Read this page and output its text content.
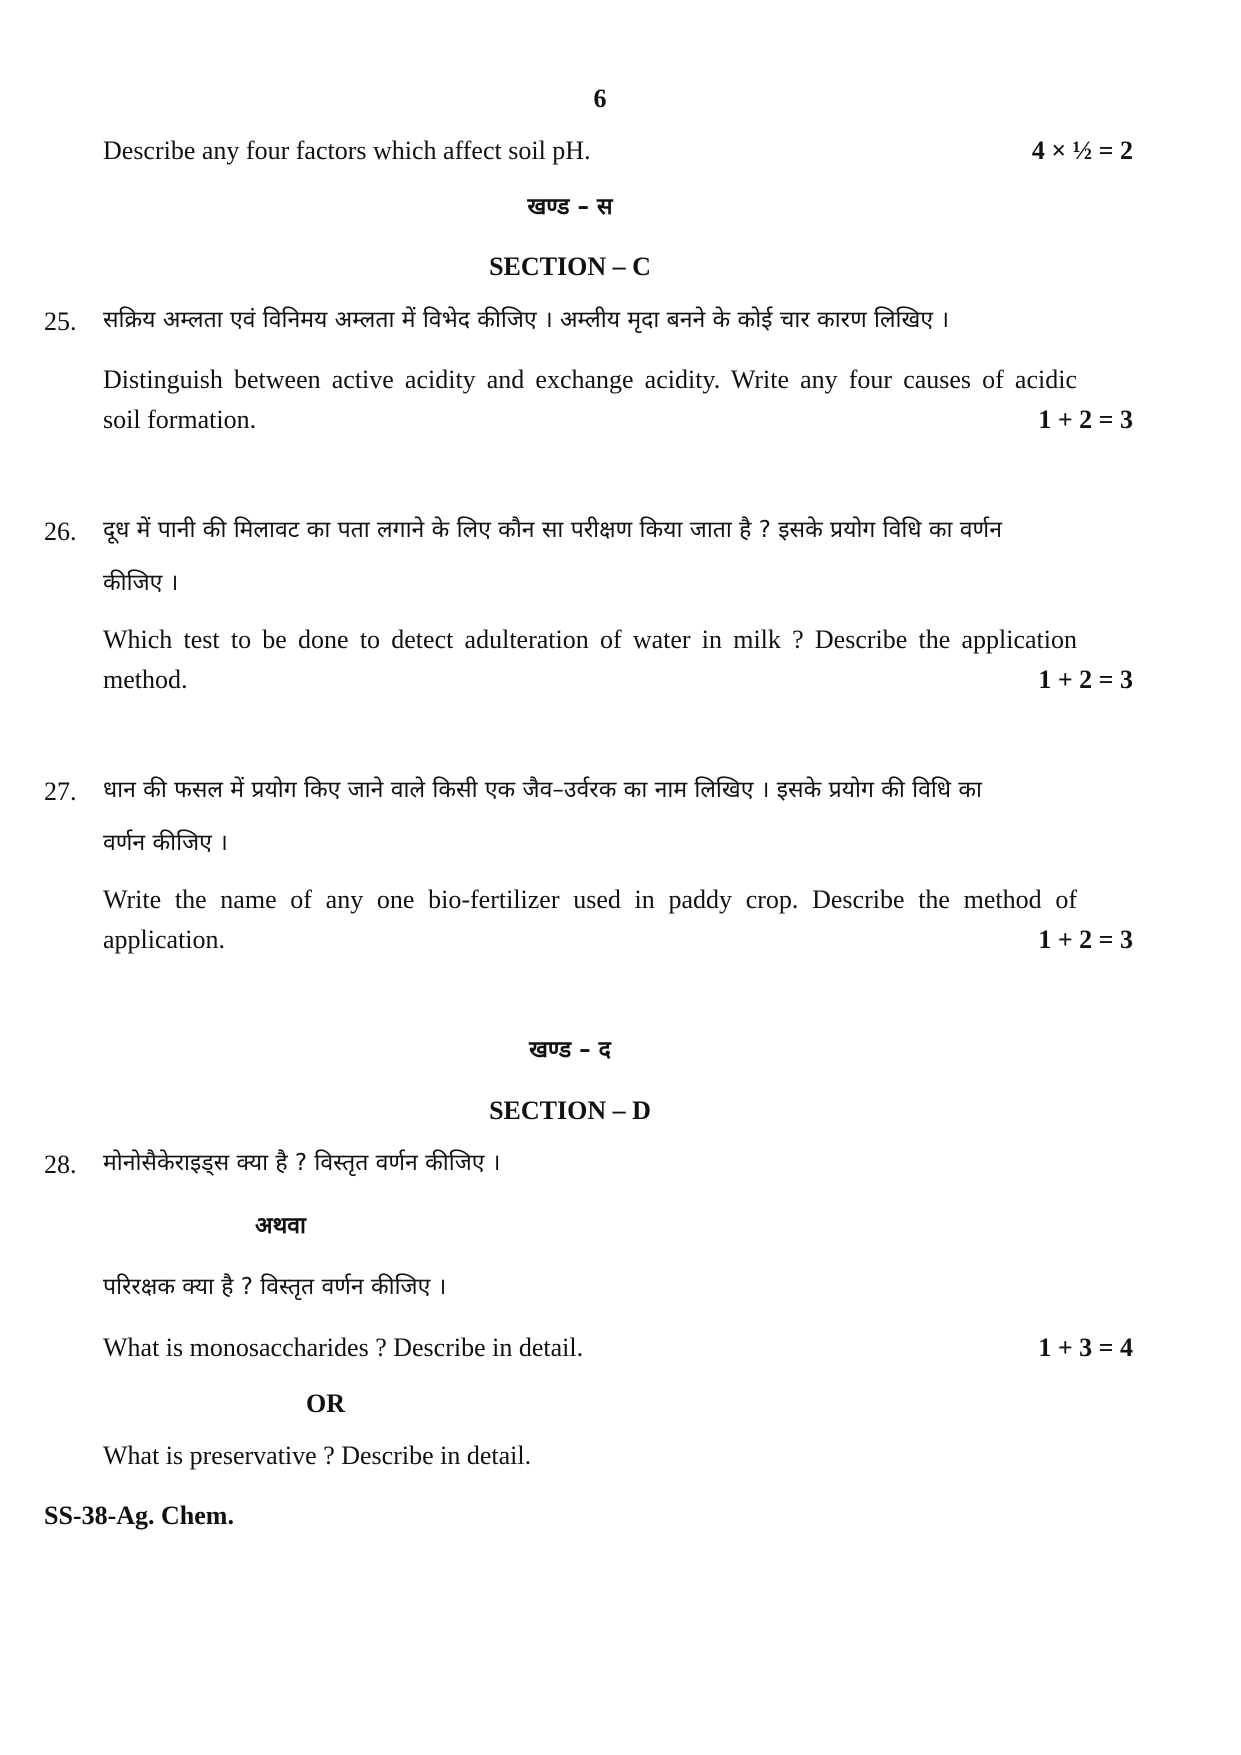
6
Describe any four factors which affect soil pH.	4 × ½ = 2
खण्ड – स
SECTION – C
25. सक्रिय अम्लता एवं विनिमय अम्लता में विभेद कीजिए । अम्लीय मृदा बनने के कोई चार कारण लिखिए ।
Distinguish between active acidity and exchange acidity. Write any four causes of acidic
soil formation.	1 + 2 = 3
26. दूध में पानी की मिलावट का पता लगाने के लिए कौन सा परीक्षण किया जाता है ? इसके प्रयोग विधि का वर्णन
कीजिए ।
Which test to be done to detect adulteration of water in milk ? Describe the application
method.	1 + 2 = 3
27. धान की फसल में प्रयोग किए जाने वाले किसी एक जैव–उर्वरक का नाम लिखिए । इसके प्रयोग की विधि का
वर्णन कीजिए ।
Write the name of any one bio-fertilizer used in paddy crop. Describe the method of
application.	1 + 2 = 3
खण्ड – द
SECTION – D
28. मोनोसैकेराइड्स क्या है ? विस्तृत वर्णन कीजिए ।
अथवा
परिरक्षक क्या है ? विस्तृत वर्णन कीजिए ।
What is monosaccharides ? Describe in detail.	1 + 3 = 4
OR
What is preservative ? Describe in detail.
SS-38-Ag. Chem.
